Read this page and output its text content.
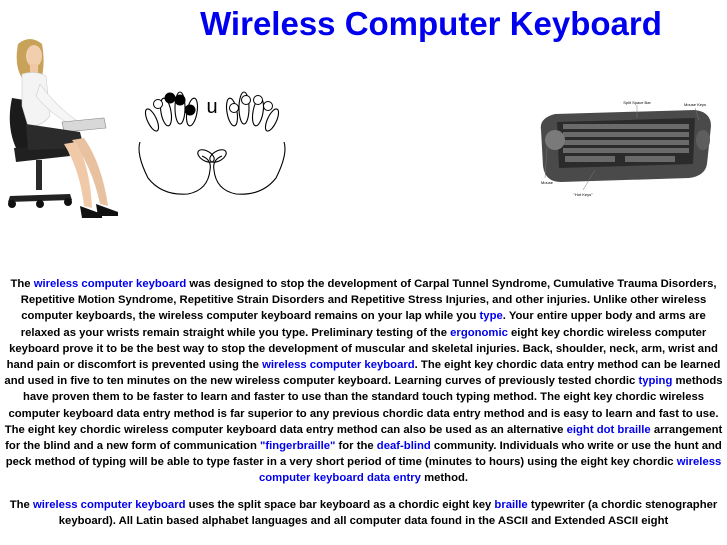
Wireless Computer Keyboard
u	Split Space Bar	Mouse Keys
Mouse
"Hot Keys"

The wireless computer keyboard was designed to stop the development of Carpal Tunnel Syndrome, Cumulative Trauma Disorders, Repetitive Motion Syndrome, Repetitive Strain Disorders and Repetitive Stress Injuries, and other injuries. Unlike other wireless computer keyboards, the wireless computer keyboard remains on your lap while you type. Your entire upper body and arms are relaxed as your wrists remain straight while you type. Preliminary testing of the ergonomic eight key chordic wireless computer keyboard prove it to be the best way to stop the development of muscular and skeletal injuries. Back, shoulder, neck, arm, wrist and hand pain or discomfort is prevented using the wireless computer keyboard. The eight key chordic data entry method can be learned and used in five to ten minutes on the new wireless computer keyboard. Learning curves of previously tested chordic typing methods have proven them to be faster to learn and faster to use than the standard touch typing method. The eight key chordic wireless computer keyboard data entry method is far superior to any previous chordic data entry method and is easy to learn and fast to use. The eight key chordic wireless computer keyboard data entry method can also be used as an alternative eight dot braille arrangement for the blind and a new form of communication "fingerbraille" for the deaf-blind community. Individuals who write or use the hunt and peck method of typing will be able to type faster in a very short period of time (minutes to hours) using the eight key chordic wireless computer keyboard data entry method.

The wireless computer keyboard uses the split space bar keyboard as a chordic eight key braille typewriter (a chordic stenographer keyboard). All Latin based alphabet languages and all computer data found in the ASCII and Extended ASCII eight
